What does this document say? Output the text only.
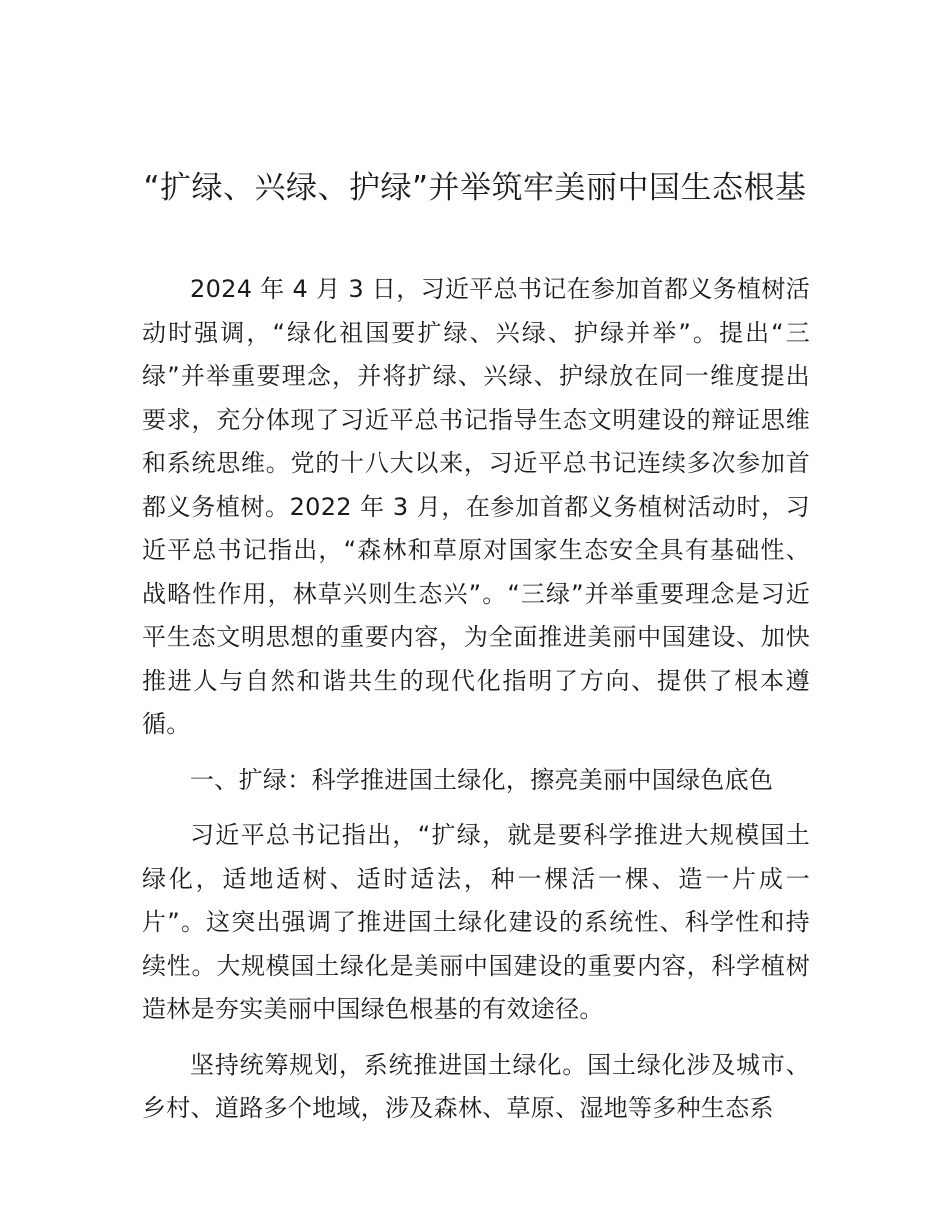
“扩绿、兴绿、护绿”并举筑牢美丽中国生态根基

2024 年 4 月 3 日，习近平总书记在参加首都义务植树活动时强调，“绿化祖国要扩绿、兴绿、护绿并举”。提出“三绿”并举重要理念，并将扩绿、兴绿、护绿放在同一维度提出要求，充分体现了习近平总书记指导生态文明建设的辩证思维和系统思维。党的十八大以来，习近平总书记连续多次参加首都义务植树。2022 年 3 月，在参加首都义务植树活动时，习近平总书记指出，“森林和草原对国家生态安全具有基础性、战略性作用，林草兴则生态兴”。“三绿”并举重要理念是习近平生态文明思想的重要内容，为全面推进美丽中国建设、加快推进人与自然和谐共生的现代化指明了方向、提供了根本遵循。

一、扩绿：科学推进国土绿化，擦亮美丽中国绿色底色

习近平总书记指出，“扩绿，就是要科学推进大规模国土绿化，适地适树、适时适法，种一棵活一棵、造一片成一片”。这突出强调了推进国土绿化建设的系统性、科学性和持续性。大规模国土绿化是美丽中国建设的重要内容，科学植树造林是夯实美丽中国绿色根基的有效途径。

坚持统筹规划，系统推进国土绿化。国土绿化涉及城市、乡村、道路多个地域，涉及森林、草原、湿地等多种生态系
